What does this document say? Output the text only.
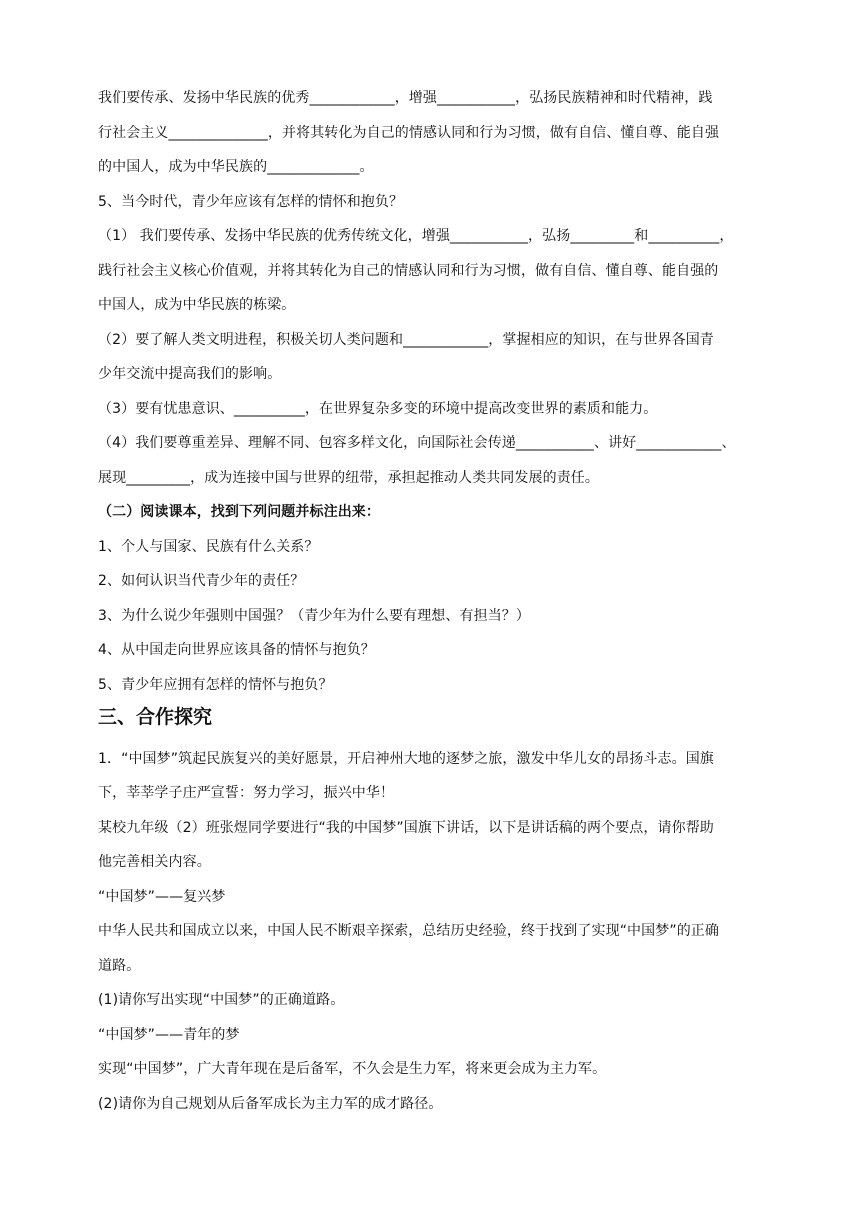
我们要传承、发扬中华民族的优秀____________，增强___________，弘扬民族精神和时代精神，践
行社会主义______________，并将其转化为自己的情感认同和行为习惯，做有自信、懂自尊、能自强
的中国人，成为中华民族的_____________。
5、当今时代，青少年应该有怎样的情怀和抱负？
（1） 我们要传承、发扬中华民族的优秀传统文化，增强___________，弘扬_________和__________，
践行社会主义核心价值观，并将其转化为自己的情感认同和行为习惯，做有自信、懂自尊、能自强的
中国人，成为中华民族的栋梁。
（2）要了解人类文明进程，积极关切人类问题和____________，掌握相应的知识，在与世界各国青
少年交流中提高我们的影响。
（3）要有忧患意识、__________，在世界复杂多变的环境中提高改变世界的素质和能力。
（4）我们要尊重差异、理解不同、包容多样文化，向国际社会传递___________、讲好____________、
展现_________，成为连接中国与世界的纽带，承担起推动人类共同发展的责任。
（二）阅读课本，找到下列问题并标注出来：
1、个人与国家、民族有什么关系？
2、如何认识当代青少年的责任？
3、为什么说少年强则中国强？（青少年为什么要有理想、有担当？）
4、从中国走向世界应该具备的情怀与抱负？
5、青少年应拥有怎样的情怀与抱负？
三、合作探究
1．“中国梦”筑起民族复兴的美好愿景，开启神州大地的逐梦之旅，激发中华儿女的昂扬斗志。国旗
下，莘莘学子庄严宣誓：努力学习，振兴中华！
某校九年级（2）班张煜同学要进行“我的中国梦”国旗下讲话，以下是讲话稿的两个要点，请你帮助
他完善相关内容。
“中国梦”——复兴梦
中华人民共和国成立以来，中国人民不断艰辛探索，总结历史经验，终于找到了实现“中国梦”的正确
道路。
(1)请你写出实现“中国梦”的正确道路。
“中国梦”——青年的梦
实现“中国梦”，广大青年现在是后备军，不久会是生力军，将来更会成为主力军。
(2)请你为自己规划从后备军成长为主力军的成才路径。
